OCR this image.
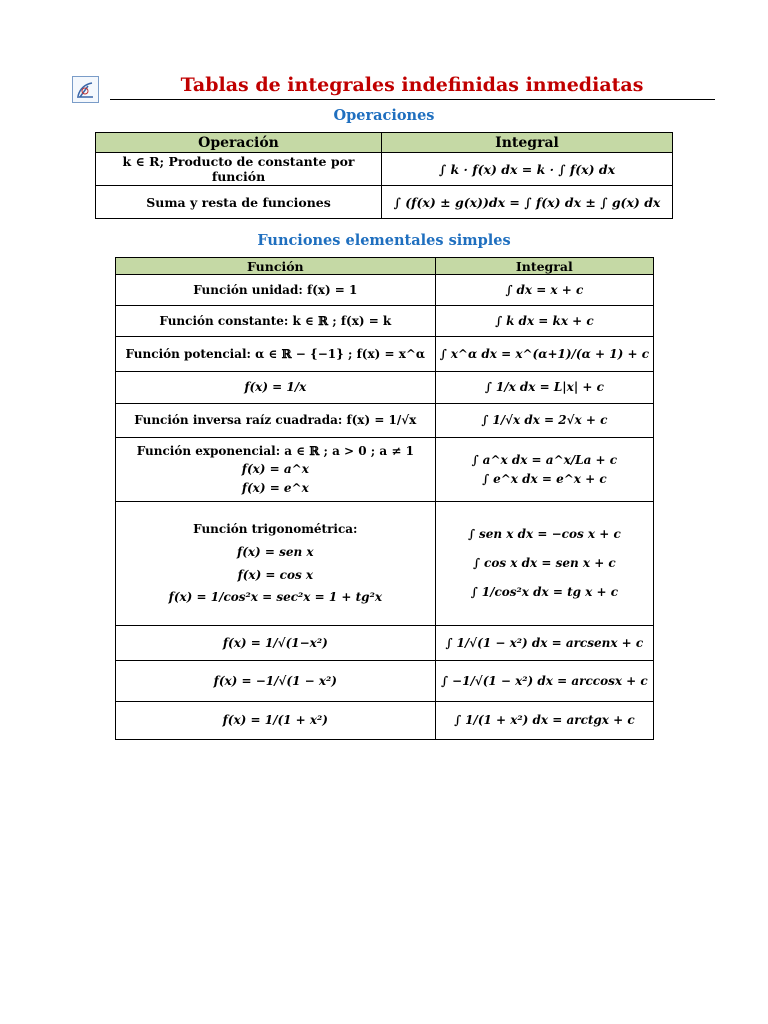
Tablas de integrales indefinidas inmediatas
Operaciones
Operación	Integral
k ∈ R; Producto de constante por función	∫ k · f(x) dx = k · ∫ f(x) dx
Suma y resta de funciones	∫ (f(x) ± g(x))dx = ∫ f(x) dx ± ∫ g(x) dx
Funciones elementales simples
Función	Integral

Función unidad: f(x) = 1	∫ dx = x + c

Función constante: k ∈ ℝ ; f(x) = k	∫ k dx = kx + c

Función potencial: α ∈ ℝ − {−1} ; f(x) = x^α	∫ x^α dx = x^(α+1)/(α + 1) + c

f(x) = 1/x	∫ 1/x dx = L|x| + c

Función inversa raíz cuadrada: f(x) = 1/√x	∫ 1/√x dx = 2√x + c

Función exponencial: a ∈ ℝ ; a > 0 ; a ≠ 1
f(x) = a^x
f(x) = e^x	∫ a^x dx = a^x/La + c
∫ e^x dx = e^x + c

Función trigonométrica:
f(x) = sen x
f(x) = cos x
f(x) = 1/cos²x = sec²x = 1 + tg²x	∫ sen x dx = −cos x + c
∫ cos x dx = sen x + c
∫ 1/cos²x dx = tg x + c

f(x) = 1/√(1−x²)	∫ 1/√(1 − x²) dx = arcsenx + c

f(x) = −1/√(1 − x²)	∫ −1/√(1 − x²) dx = arccosx + c

f(x) = 1/(1 + x²)	∫ 1/(1 + x²) dx = arctgx + c
